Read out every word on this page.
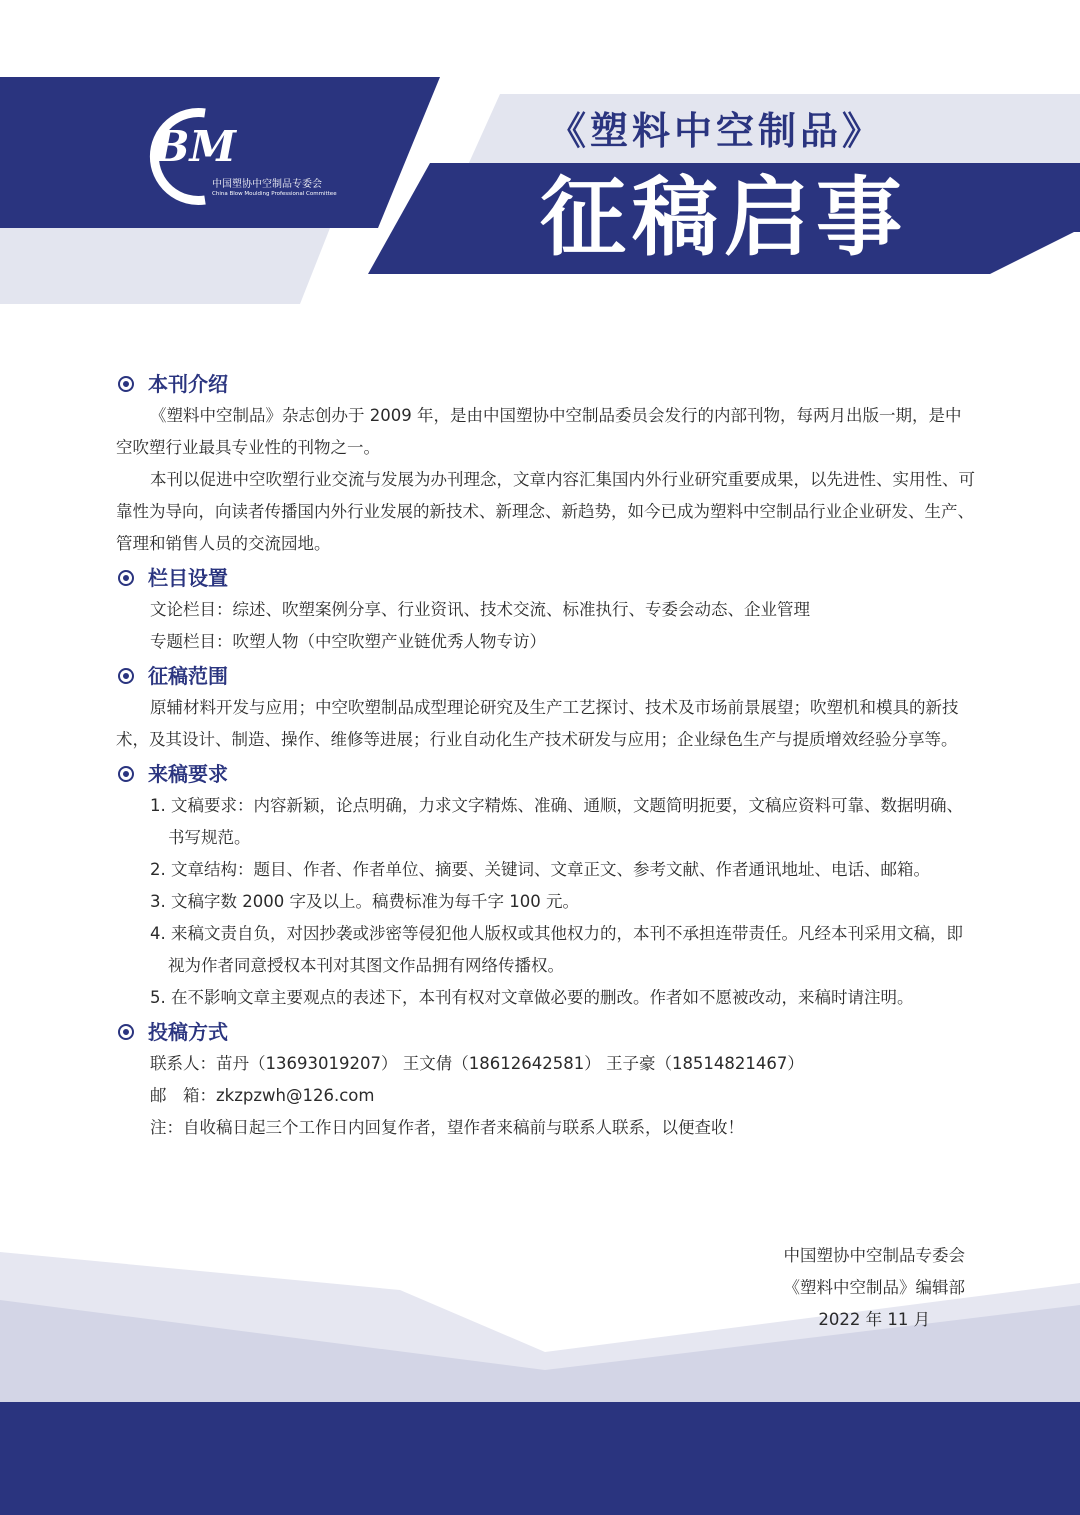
BM
中国塑协中空制品专委会
China Blow Moulding Professional Committee
《塑料中空制品》
征稿启事
本刊介绍

《塑料中空制品》杂志创办于 2009 年，是由中国塑协中空制品委员会发行的内部刊物，每两月出版一期，是中空吹塑行业最具专业性的刊物之一。

本刊以促进中空吹塑行业交流与发展为办刊理念，文章内容汇集国内外行业研究重要成果，以先进性、实用性、可靠性为导向，向读者传播国内外行业发展的新技术、新理念、新趋势，如今已成为塑料中空制品行业企业研发、生产、管理和销售人员的交流园地。

栏目设置

文论栏目：综述、吹塑案例分享、行业资讯、技术交流、标准执行、专委会动态、企业管理

专题栏目：吹塑人物（中空吹塑产业链优秀人物专访）

征稿范围

原辅材料开发与应用；中空吹塑制品成型理论研究及生产工艺探讨、技术及市场前景展望；吹塑机和模具的新技术，及其设计、制造、操作、维修等进展；行业自动化生产技术研发与应用；企业绿色生产与提质增效经验分享等。

来稿要求
1. 文稿要求：内容新颖，论点明确，力求文字精炼、准确、通顺，文题简明扼要，文稿应资料可靠、数据明确、书写规范。
2. 文章结构：题目、作者、作者单位、摘要、关键词、文章正文、参考文献、作者通讯地址、电话、邮箱。
3. 文稿字数 2000 字及以上。稿费标准为每千字 100 元。
4. 来稿文责自负，对因抄袭或涉密等侵犯他人版权或其他权力的，本刊不承担连带责任。凡经本刊采用文稿，即视为作者同意授权本刊对其图文作品拥有网络传播权。
5. 在不影响文章主要观点的表述下，本刊有权对文章做必要的删改。作者如不愿被改动，来稿时请注明。
投稿方式

联系人：苗丹（13693019207） 王文倩（18612642581） 王子豪（18514821467）

邮　箱：zkzpzwh@126.com

注：自收稿日起三个工作日内回复作者，望作者来稿前与联系人联系，以便查收！

中国塑协中空制品专委会
《塑料中空制品》编辑部
2022 年 11 月
